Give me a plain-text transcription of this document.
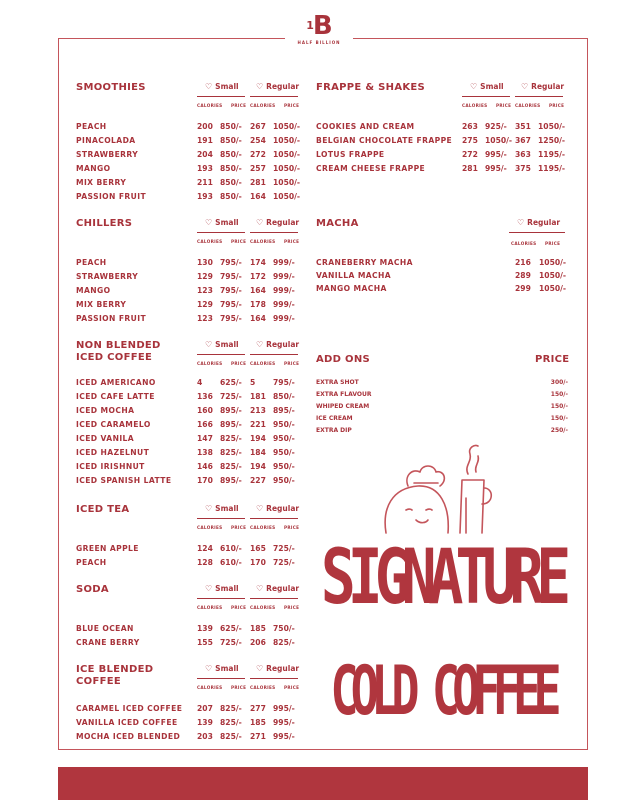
$^1$B
HALF BILLION
SMOOTHIES	♡ Small ♡ Regular
CALORIES PRICE CALORIES PRICE
PEACH	200 850/- 267 1050/-
PINACOLADA	191 850/- 254 1050/-
STRAWBERRY	204 850/- 272 1050/-
MANGO	193 850/- 257 1050/-
MIX BERRY	211 850/- 281 1050/-
PASSION FRUIT	193 850/- 164 1050/-
CHILLERS	♡ Small ♡ Regular
CALORIES PRICE CALORIES PRICE
PEACH	130 795/- 174 999/-
STRAWBERRY	129 795/- 172 999/-
MANGO	123 795/- 164 999/-
MIX BERRY	129 795/- 178 999/-
PASSION FRUIT	123 795/- 164 999/-
NON BLENDED
ICED COFFEE
♡ Small ♡ Regular
CALORIES PRICE CALORIES PRICE
ICED AMERICANO	4 625/- 5 795/-
ICED CAFE LATTE	136 725/- 181 850/-
ICED MOCHA	160 895/- 213 895/-
ICED CARAMELO	166 895/- 221 950/-
ICED VANILA	147 825/- 194 950/-
ICED HAZELNUT	138 825/- 184 950/-
ICED IRISHNUT	146 825/- 194 950/-
ICED SPANISH LATTE	170 895/- 227 950/-
ICED TEA	♡ Small ♡ Regular
CALORIES PRICE CALORIES PRICE
GREEN APPLE	124 610/- 165 725/-
PEACH	128 610/- 170 725/-
SODA	♡ Small ♡ Regular
CALORIES PRICE CALORIES PRICE
BLUE OCEAN	139 625/- 185 750/-
CRANE BERRY	155 725/- 206 825/-
ICE BLENDED
COFFEE
♡ Small ♡ Regular
CALORIES PRICE CALORIES PRICE
CARAMEL ICED COFFEE 207 825/- 277 995/-
VANILLA ICED COFFEE	139 825/- 185 995/-
MOCHA ICED BLENDED 203 825/- 271 995/-
FRAPPE & SHAKES	♡ Small ♡ Regular
CALORIES PRICE CALORIES PRICE
COOKIES AND CREAM	263 925/- 351 1050/-
BELGIAN CHOCOLATE FRAPPE 275 1050/- 367 1250/-
LOTUS FRAPPE	272 995/- 363 1195/-
CREAM CHEESE FRAPPE	281 995/- 375 1195/-
MACHA	♡ Regular
CALORIES PRICE
CRANEBERRY MACHA	216 1050/-
VANILLA MACHA	289 1050/-
MANGO MACHA	299 1050/-
ADD ONS	PRICE
EXTRA SHOT	300/-
EXTRA FLAVOUR	150/-
WHIPED CREAM	150/-
ICE CREAM	150/-
EXTRA DIP	250/-
SIGNATURE
COLD COFFEE
